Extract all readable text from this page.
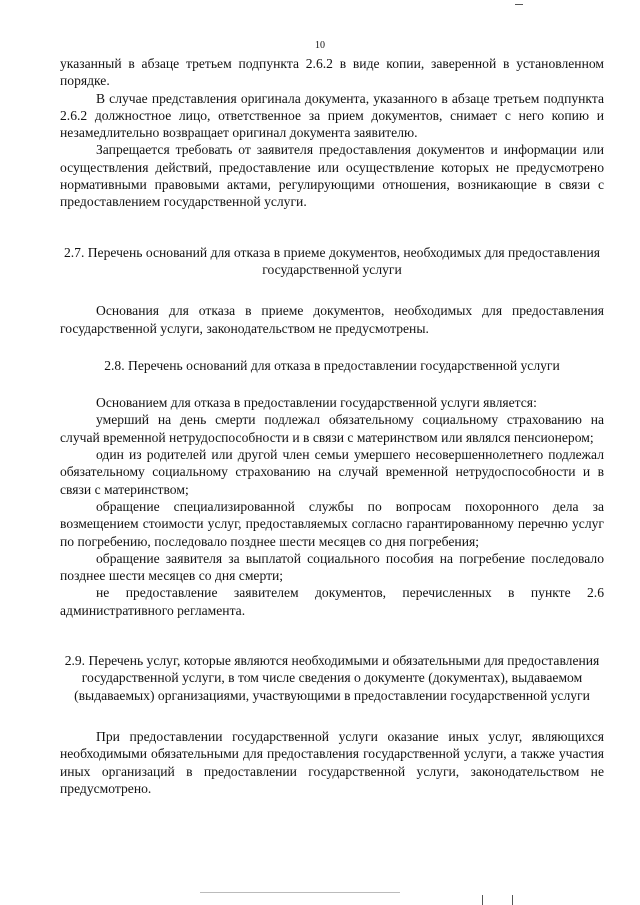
10

указанный в абзаце третьем подпункта 2.6.2 в виде копии, заверенной в установленном порядке.

В случае представления оригинала документа, указанного в абзаце третьем подпункта 2.6.2 должностное лицо, ответственное за прием документов, снимает с него копию и незамедлительно возвращает оригинал документа заявителю.

Запрещается требовать от заявителя предоставления документов и информации или осуществления действий, предоставление или осуществление которых не предусмотрено нормативными правовыми актами, регулирующими отношения, возникающие в связи с предоставлением государственной услуги.

2.7. Перечень оснований для отказа в приеме документов, необходимых для предоставления государственной услуги

Основания для отказа в приеме документов, необходимых для предоставления государственной услуги, законодательством не предусмотрены.

2.8. Перечень оснований для отказа в предоставлении государственной услуги

Основанием для отказа в предоставлении государственной услуги является:

умерший на день смерти подлежал обязательному социальному страхованию на случай временной нетрудоспособности и в связи с материнством или являлся пенсионером;

один из родителей или другой член семьи умершего несовершеннолетнего подлежал обязательному социальному страхованию на случай временной нетрудоспособности и в связи с материнством;

обращение специализированной службы по вопросам похоронного дела за возмещением стоимости услуг, предоставляемых согласно гарантированному перечню услуг по погребению, последовало позднее шести месяцев со дня погребения;

обращение заявителя за выплатой социального пособия на погребение последовало позднее шести месяцев со дня смерти;

не предоставление заявителем документов, перечисленных в пункте 2.6 административного регламента.

2.9. Перечень услуг, которые являются необходимыми и обязательными для предоставления государственной услуги, в том числе сведения о документе (документах), выдаваемом (выдаваемых) организациями, участвующими в предоставлении государственной услуги

При предоставлении государственной услуги оказание иных услуг, являющихся необходимыми обязательными для предоставления государственной услуги, а также участия иных организаций в предоставлении государственной услуги, законодательством не предусмотрено.
